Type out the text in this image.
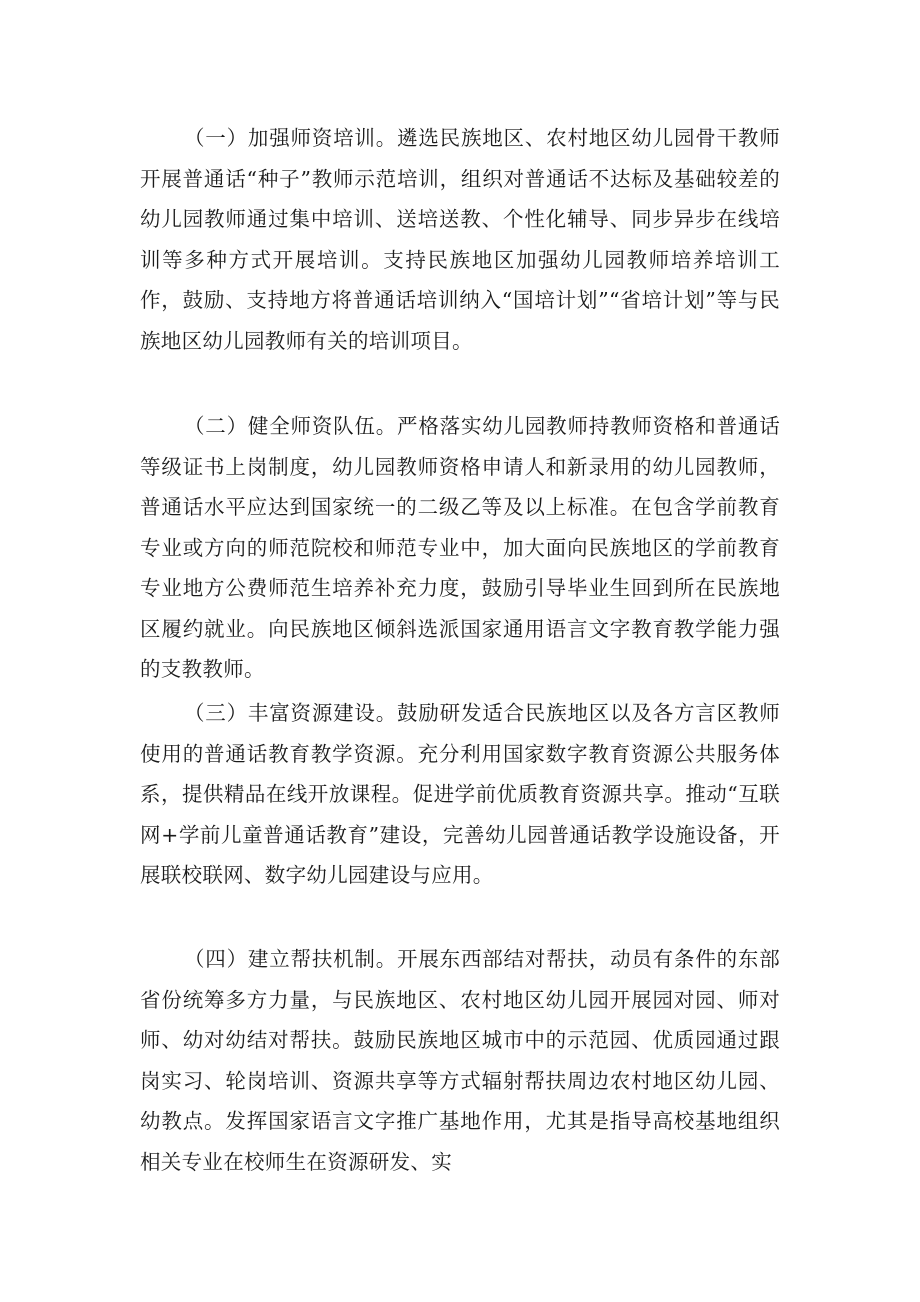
（一）加强师资培训。遴选民族地区、农村地区幼儿园骨干教师开展普通话“种子”教师示范培训，组织对普通话不达标及基础较差的幼儿园教师通过集中培训、送培送教、个性化辅导、同步异步在线培训等多种方式开展培训。支持民族地区加强幼儿园教师培养培训工作，鼓励、支持地方将普通话培训纳入“国培计划”“省培计划”等与民族地区幼儿园教师有关的培训项目。

（二）健全师资队伍。严格落实幼儿园教师持教师资格和普通话等级证书上岗制度，幼儿园教师资格申请人和新录用的幼儿园教师，普通话水平应达到国家统一的二级乙等及以上标准。在包含学前教育专业或方向的师范院校和师范专业中，加大面向民族地区的学前教育专业地方公费师范生培养补充力度，鼓励引导毕业生回到所在民族地区履约就业。向民族地区倾斜选派国家通用语言文字教育教学能力强的支教教师。

（三）丰富资源建设。鼓励研发适合民族地区以及各方言区教师使用的普通话教育教学资源。充分利用国家数字教育资源公共服务体系，提供精品在线开放课程。促进学前优质教育资源共享。推动“互联网+学前儿童普通话教育”建设，完善幼儿园普通话教学设施设备，开展联校联网、数字幼儿园建设与应用。

（四）建立帮扶机制。开展东西部结对帮扶，动员有条件的东部省份统筹多方力量，与民族地区、农村地区幼儿园开展园对园、师对师、幼对幼结对帮扶。鼓励民族地区城市中的示范园、优质园通过跟岗实习、轮岗培训、资源共享等方式辐射帮扶周边农村地区幼儿园、幼教点。发挥国家语言文字推广基地作用，尤其是指导高校基地组织相关专业在校师生在资源研发、实
